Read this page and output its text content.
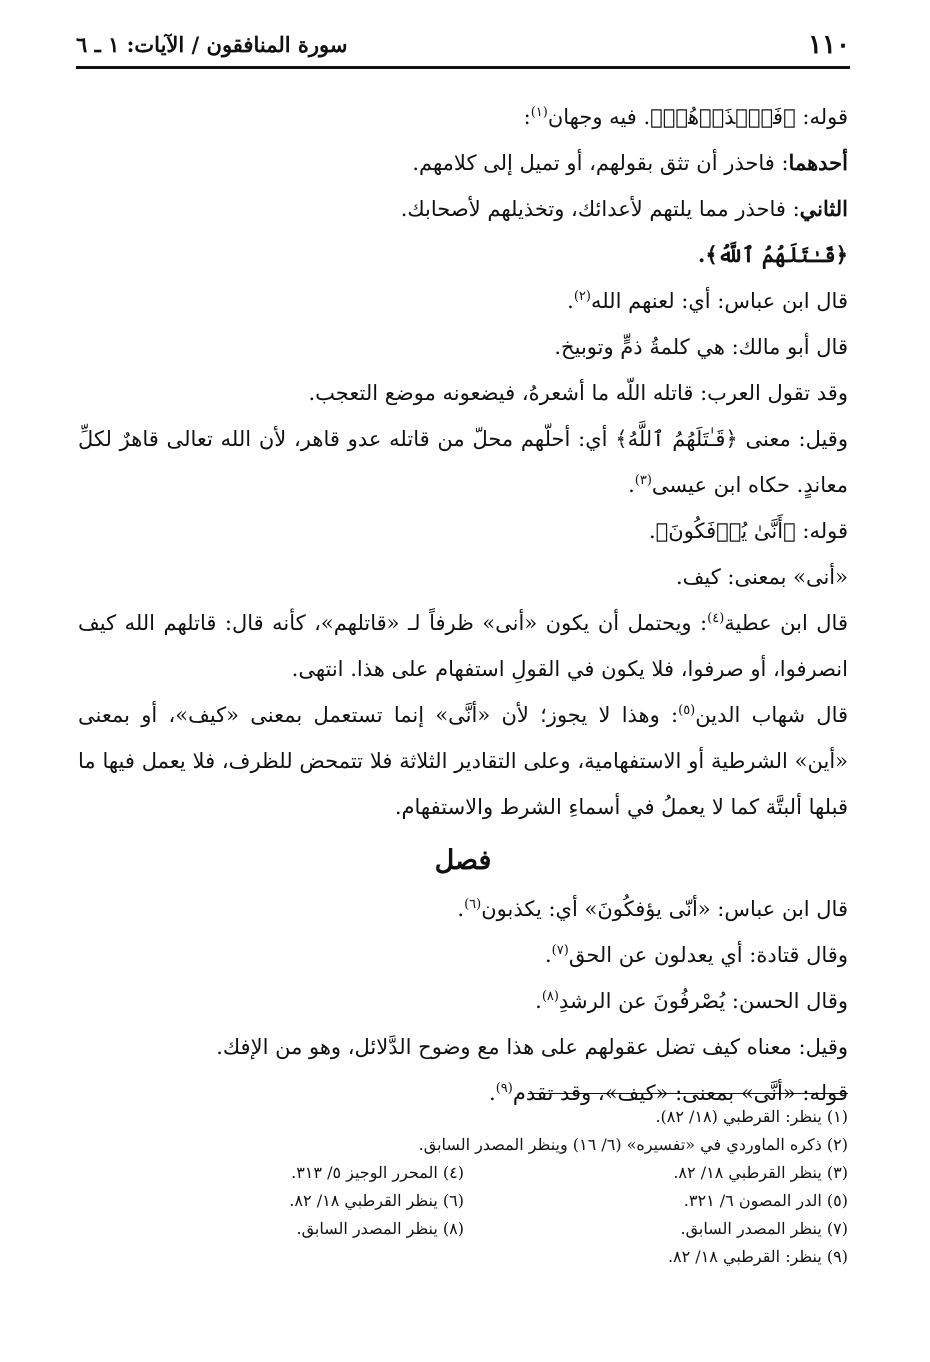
١١٠
سورة المنافقون / الآيات: ١ ـ ٦

قوله: ﴿فَٱحۡذَرۡهُمۡ﴾. فيه وجهان$^{(١)}$:

أحدهما: فاحذر أن تثق بقولهم، أو تميل إلى كلامهم.

الثاني: فاحذر مما يلتهم لأعدائك، وتخذيلهم لأصحابك.

﴿قَـٰتَلَهُمُ ٱللَّهُ﴾.

قال ابن عباس: أي: لعنهم الله$^{(٢)}$.

قال أبو مالك: هي كلمةُ ذمٍّ وتوبيخ.

وقد تقول العرب: قاتله اللّه ما أشعرهُ، فيضعونه موضع التعجب.

وقيل: معنى ﴿قَـٰتَلَهُمُ ٱللَّهُ﴾ أي: أحلّهم محلّ من قاتله عدو قاهر، لأن الله تعالى قاهرٌ لكلِّ معاندٍ. حكاه ابن عيسى$^{(٣)}$.

قوله: ﴿أَنَّىٰ يُؤۡفَكُونَ﴾.

«أنى» بمعنى: كيف.

قال ابن عطية$^{(٤)}$: ويحتمل أن يكون «أنى» ظرفاً لـ «قاتلهم»، كأنه قال: قاتلهم الله كيف انصرفوا، أو صرفوا، فلا يكون في القولِ استفهام على هذا. انتهى.

قال شهاب الدين$^{(٥)}$: وهذا لا يجوز؛ لأن «أنَّى» إنما تستعمل بمعنى «كيف»، أو بمعنى «أين» الشرطية أو الاستفهامية، وعلى التقادير الثلاثة فلا تتمحض للظرف، فلا يعمل فيها ما قبلها ألبتَّة كما لا يعملُ في أسماءِ الشرط والاستفهام.

فصل

قال ابن عباس: «أنّى يؤفكُونَ» أي: يكذبون$^{(٦)}$.

وقال قتادة: أي يعدلون عن الحق$^{(٧)}$.

وقال الحسن: يُصْرفُونَ عن الرشدِ$^{(٨)}$.

وقيل: معناه كيف تضل عقولهم على هذا مع وضوح الدَّلائل، وهو من الإفك.

قوله: «أنَّى» بمعنى: «كيف»، وقد تقدم$^{(٩)}$.

(١) ينظر: القرطبي (١٨/ ٨٢).
(٢) ذكره الماوردي في «تفسيره» (٦/ ١٦) وينظر المصدر السابق.
(٣) ينظر القرطبي ١٨/ ٨٢.
(٤) المحرر الوجيز ٥/ ٣١٣.
(٥) الدر المصون ٦/ ٣٢١.
(٦) ينظر القرطبي ١٨/ ٨٢.
(٧) ينظر المصدر السابق.
(٨) ينظر المصدر السابق.
(٩) ينظر: القرطبي ١٨/ ٨٢.
